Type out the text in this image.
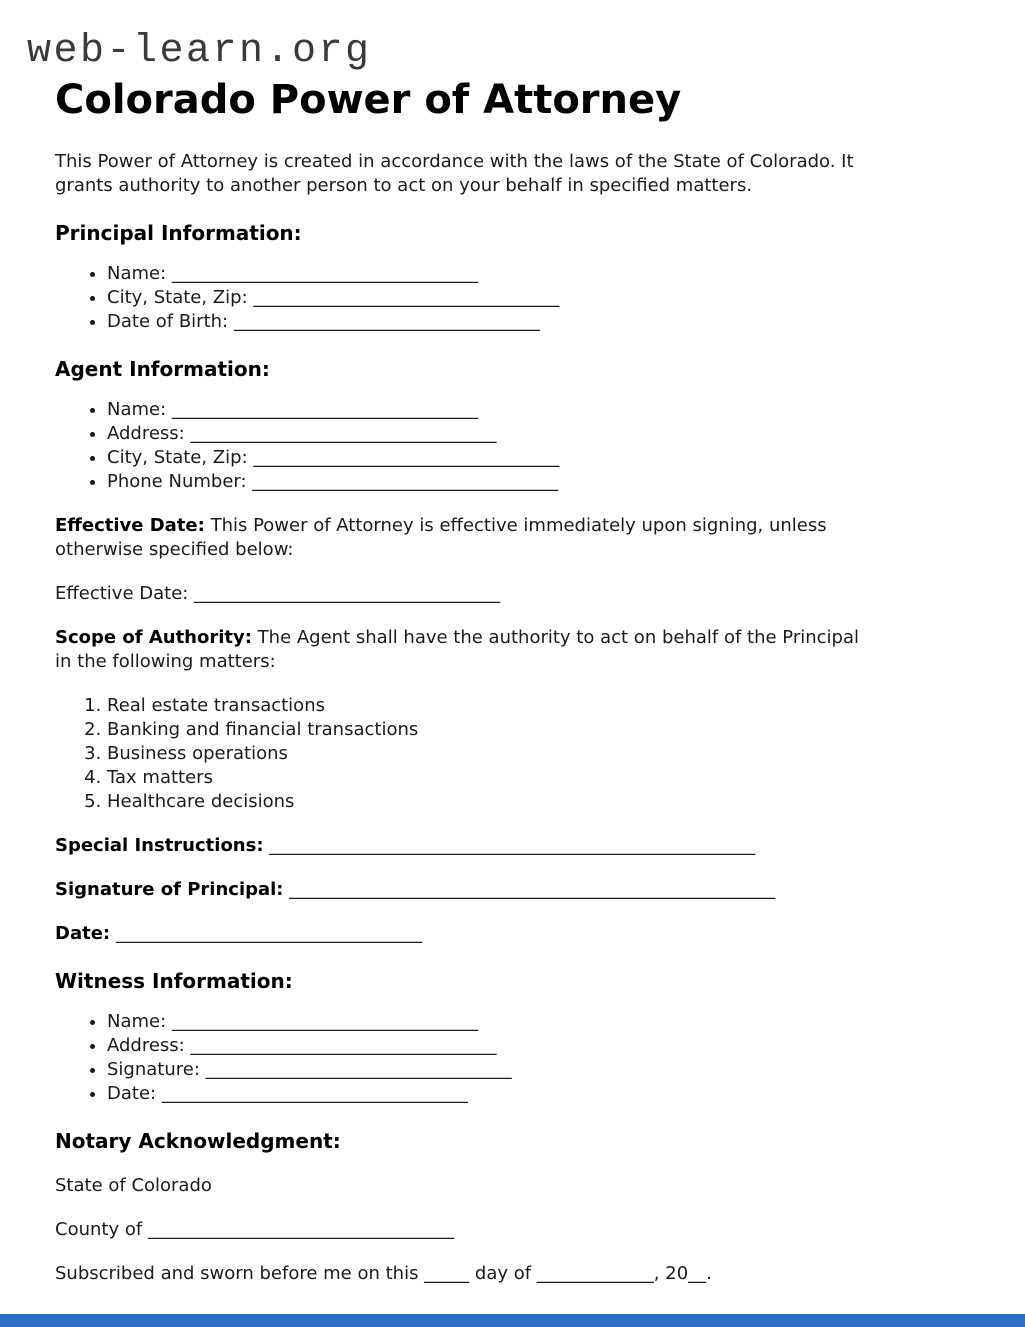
web-learn.org
Colorado Power of Attorney

This Power of Attorney is created in accordance with the laws of the State of Colorado. It
grants authority to another person to act on your behalf in specified matters.

Principal Information:
• Name: __________________________________
• City, State, Zip: __________________________________
• Date of Birth: __________________________________
Agent Information:
• Name: __________________________________
• Address: __________________________________
• City, State, Zip: __________________________________
• Phone Number: __________________________________

Effective Date: This Power of Attorney is effective immediately upon signing, unless
otherwise specified below:

Effective Date: __________________________________

Scope of Authority: The Agent shall have the authority to act on behalf of the Principal
in the following matters:

1. Real estate transactions
2. Banking and financial transactions
3. Business operations
4. Tax matters
5. Healthcare decisions

Special Instructions: ______________________________________________________

Signature of Principal: ______________________________________________________

Date: __________________________________

Witness Information:
• Name: __________________________________
• Address: __________________________________
• Signature: __________________________________
• Date: __________________________________
Notary Acknowledgment:

State of Colorado

County of __________________________________

Subscribed and sworn before me on this _____ day of _____________, 20__.
